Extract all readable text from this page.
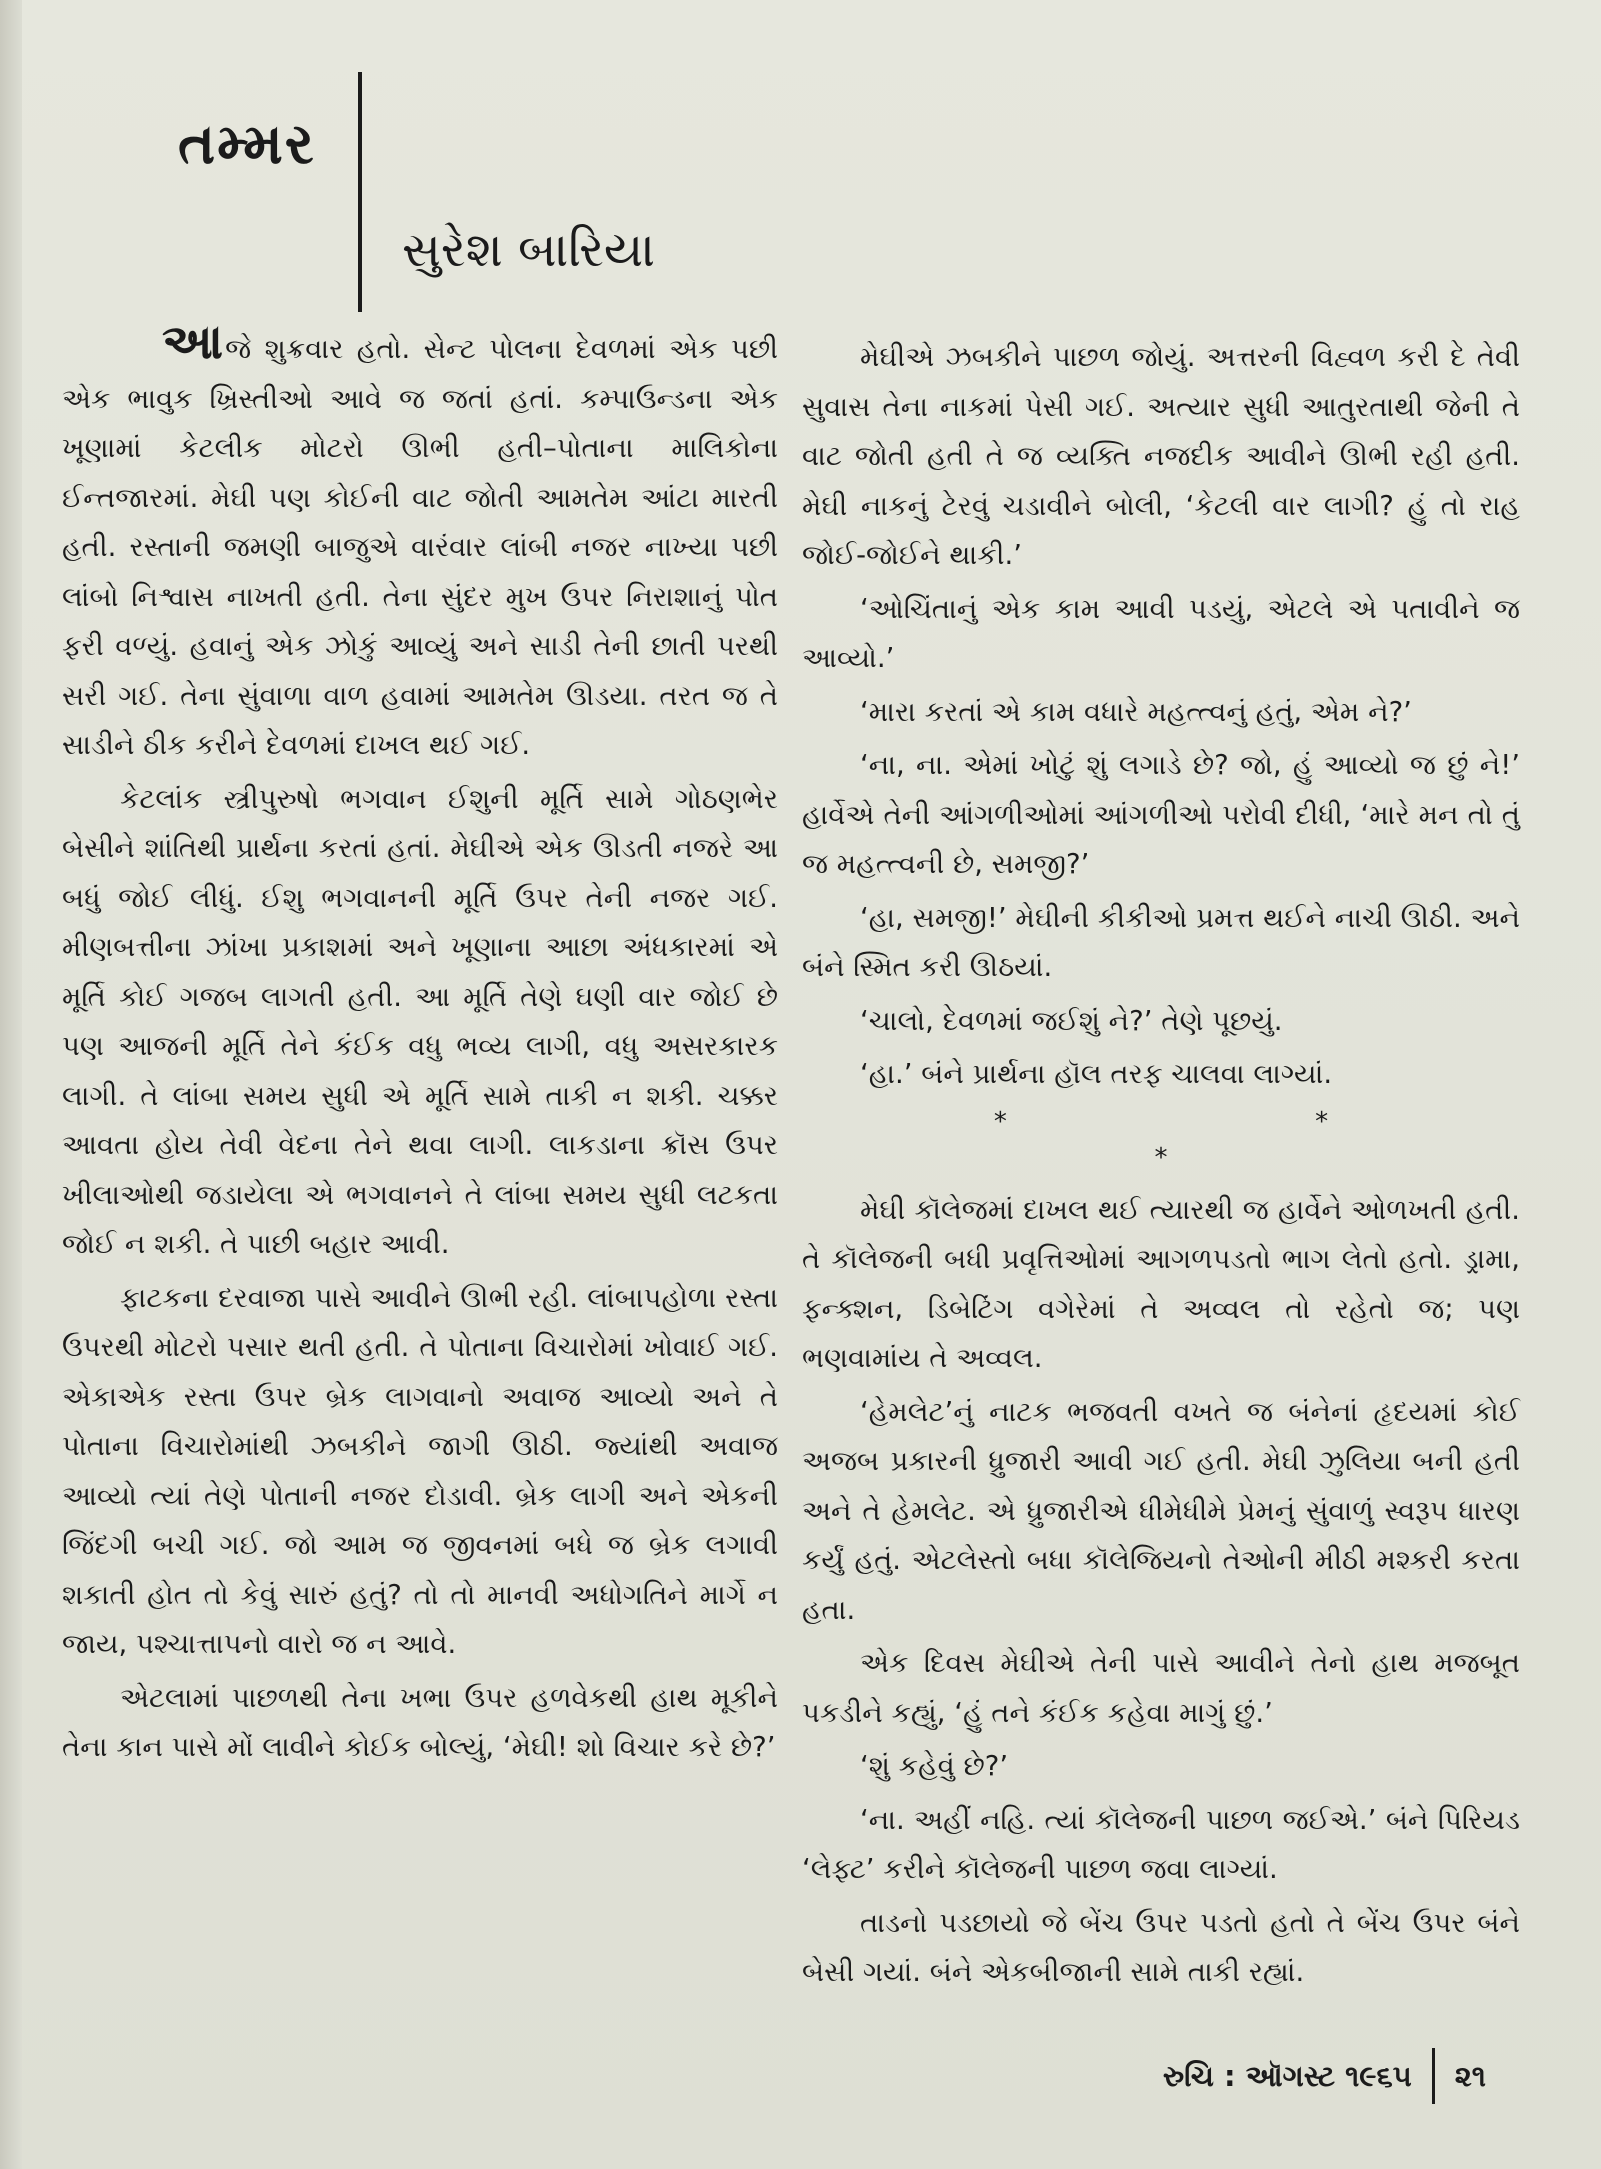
તમ્મર
સુરેશ બારિયા

આજે શુક્રવાર હતો. સેન્ટ પોલના દેવળમાં એક પછી એક ભાવુક ખ્રિસ્તીઓ આવે જ જતાં હતાં. કમ્પાઉન્ડના એક ખૂણામાં કેટલીક મોટરો ઊભી હતી–પોતાના માલિકોના ઈન્તજારમાં. મેઘી પણ કોઈની વાટ જોતી આમતેમ આંટા મારતી હતી. રસ્તાની જમણી બાજુએ વારંવાર લાંબી નજર નાખ્યા પછી લાંબો નિશ્વાસ નાખતી હતી. તેના સુંદર મુખ ઉપર નિરાશાનું પોત ફરી વળ્યું. હવાનું એક ઝોકું આવ્યું અને સાડી તેની છાતી પરથી સરી ગઈ. તેના સુંવાળા વાળ હવામાં આમતેમ ઊડયા. તરત જ તે સાડીને ઠીક કરીને દેવળમાં દાખલ થઈ ગઈ.

કેટલાંક સ્ત્રીપુરુષો ભગવાન ઈશુની મૂર્તિ સામે ગોઠણભેર બેસીને શાંતિથી પ્રાર્થના કરતાં હતાં. મેઘીએ એક ઊડતી નજરે આ બધું જોઈ લીધું. ઈશુ ભગવાનની મૂર્તિ ઉપર તેની નજર ગઈ. મીણબત્તીના ઝાંખા પ્રકાશમાં અને ખૂણાના આછા અંધકારમાં એ મૂર્તિ કોઈ ગજબ લાગતી હતી. આ મૂર્તિ તેણે ઘણી વાર જોઈ છે પણ આજની મૂર્તિ તેને કંઈક વધુ ભવ્ય લાગી, વધુ અસરકારક લાગી. તે લાંબા સમય સુધી એ મૂર્તિ સામે તાકી ન શકી. ચક્કર આવતા હોય તેવી વેદના તેને થવા લાગી. લાકડાના ક્રૉસ ઉપર ખીલાઓથી જડાયેલા એ ભગવાનને તે લાંબા સમય સુધી લટકતા જોઈ ન શકી. તે પાછી બહાર આવી.

ફાટકના દરવાજા પાસે આવીને ઊભી રહી. લાંબાપહોળા રસ્તા ઉપરથી મોટરો પસાર થતી હતી. તે પોતાના વિચારોમાં ખોવાઈ ગઈ. એકાએક રસ્તા ઉપર બ્રેક લાગવાનો અવાજ આવ્યો અને તે પોતાના વિચારોમાંથી ઝબકીને જાગી ઊઠી. જ્યાંથી અવાજ આવ્યો ત્યાં તેણે પોતાની નજર દોડાવી. બ્રેક લાગી અને એકની જિંદગી બચી ગઈ. જો આમ જ જીવનમાં બધે જ બ્રેક લગાવી શકાતી હોત તો કેવું સારું હતું? તો તો માનવી અધોગતિને માર્ગે ન જાય, પશ્ચાત્તાપનો વારો જ ન આવે.

એટલામાં પાછળથી તેના ખભા ઉપર હળવેકથી હાથ મૂકીને તેના કાન પાસે મોં લાવીને કોઈક બોલ્યું, ‘મેઘી! શો વિચાર કરે છે?’

મેઘીએ ઝબકીને પાછળ જોયું. અત્તરની વિહ્વળ કરી દે તેવી સુવાસ તેના નાકમાં પેસી ગઈ. અત્યાર સુધી આતુરતાથી જેની તે વાટ જોતી હતી તે જ વ્યક્તિ નજદીક આવીને ઊભી રહી હતી. મેઘી નાકનું ટેરવું ચડાવીને બોલી, ‘કેટલી વાર લાગી? હું તો રાહ જોઈ-જોઈને થાકી.’

‘ઓચિંતાનું એક કામ આવી પડયું, એટલે એ પતાવીને જ આવ્યો.’

‘મારા કરતાં એ કામ વધારે મહત્ત્વનું હતું, એમ ને?’

‘ના, ના. એમાં ખોટું શું લગાડે છે? જો, હું આવ્યો જ છું ને!’ હાર્વેએ તેની આંગળીઓમાં આંગળીઓ પરોવી દીધી, ‘મારે મન તો તું જ મહત્ત્વની છે, સમજી?’

‘હા, સમજી!’ મેઘીની કીકીઓ પ્રમત્ત થઈને નાચી ઊઠી. અને બંને સ્મિત કરી ઊઠયાં.

‘ચાલો, દેવળમાં જઈશું ને?’ તેણે પૂછયું.

‘હા.’ બંને પ્રાર્થના હૉલ તરફ ચાલવા લાગ્યાં.

* * *

મેઘી કૉલેજમાં દાખલ થઈ ત્યારથી જ હાર્વેને ઓળખતી હતી. તે કૉલેજની બધી પ્રવૃત્તિઓમાં આગળપડતો ભાગ લેતો હતો. ડ્રામા, ફન્ક્શન, ડિબેટિંગ વગેરેમાં તે અવ્વલ તો રહેતો જ; પણ ભણવામાંય તે અવ્વલ.

‘હેમલેટ’નું નાટક ભજવતી વખતે જ બંનેનાં હૃદયમાં કોઈ અજબ પ્રકારની ધ્રુજારી આવી ગઈ હતી. મેઘી ઝુલિયા બની હતી અને તે હેમલેટ. એ ધ્રુજારીએ ધીમેધીમે પ્રેમનું સુંવાળું સ્વરૂપ ધારણ કર્યું હતું. એટલેસ્તો બધા કૉલેજિયનો તેઓની મીઠી મશ્કરી કરતા હતા.

એક દિવસ મેઘીએ તેની પાસે આવીને તેનો હાથ મજબૂત પકડીને કહ્યું, ‘હું તને કંઈક કહેવા માગું છું.’

‘શું કહેવું છે?’

‘ના. અહીં નહિ. ત્યાં કૉલેજની પાછળ જઈએ.’ બંને પિરિયડ ‘લેફ્ટ’ કરીને કૉલેજની પાછળ જવા લાગ્યાં.

તાડનો પડછાયો જે બેંચ ઉપર પડતો હતો તે બેંચ ઉપર બંને બેસી ગયાં. બંને એકબીજાની સામે તાકી રહ્યાં.

રુચિ : ઑગસ્ટ ૧૯૬૫ ૨૧
